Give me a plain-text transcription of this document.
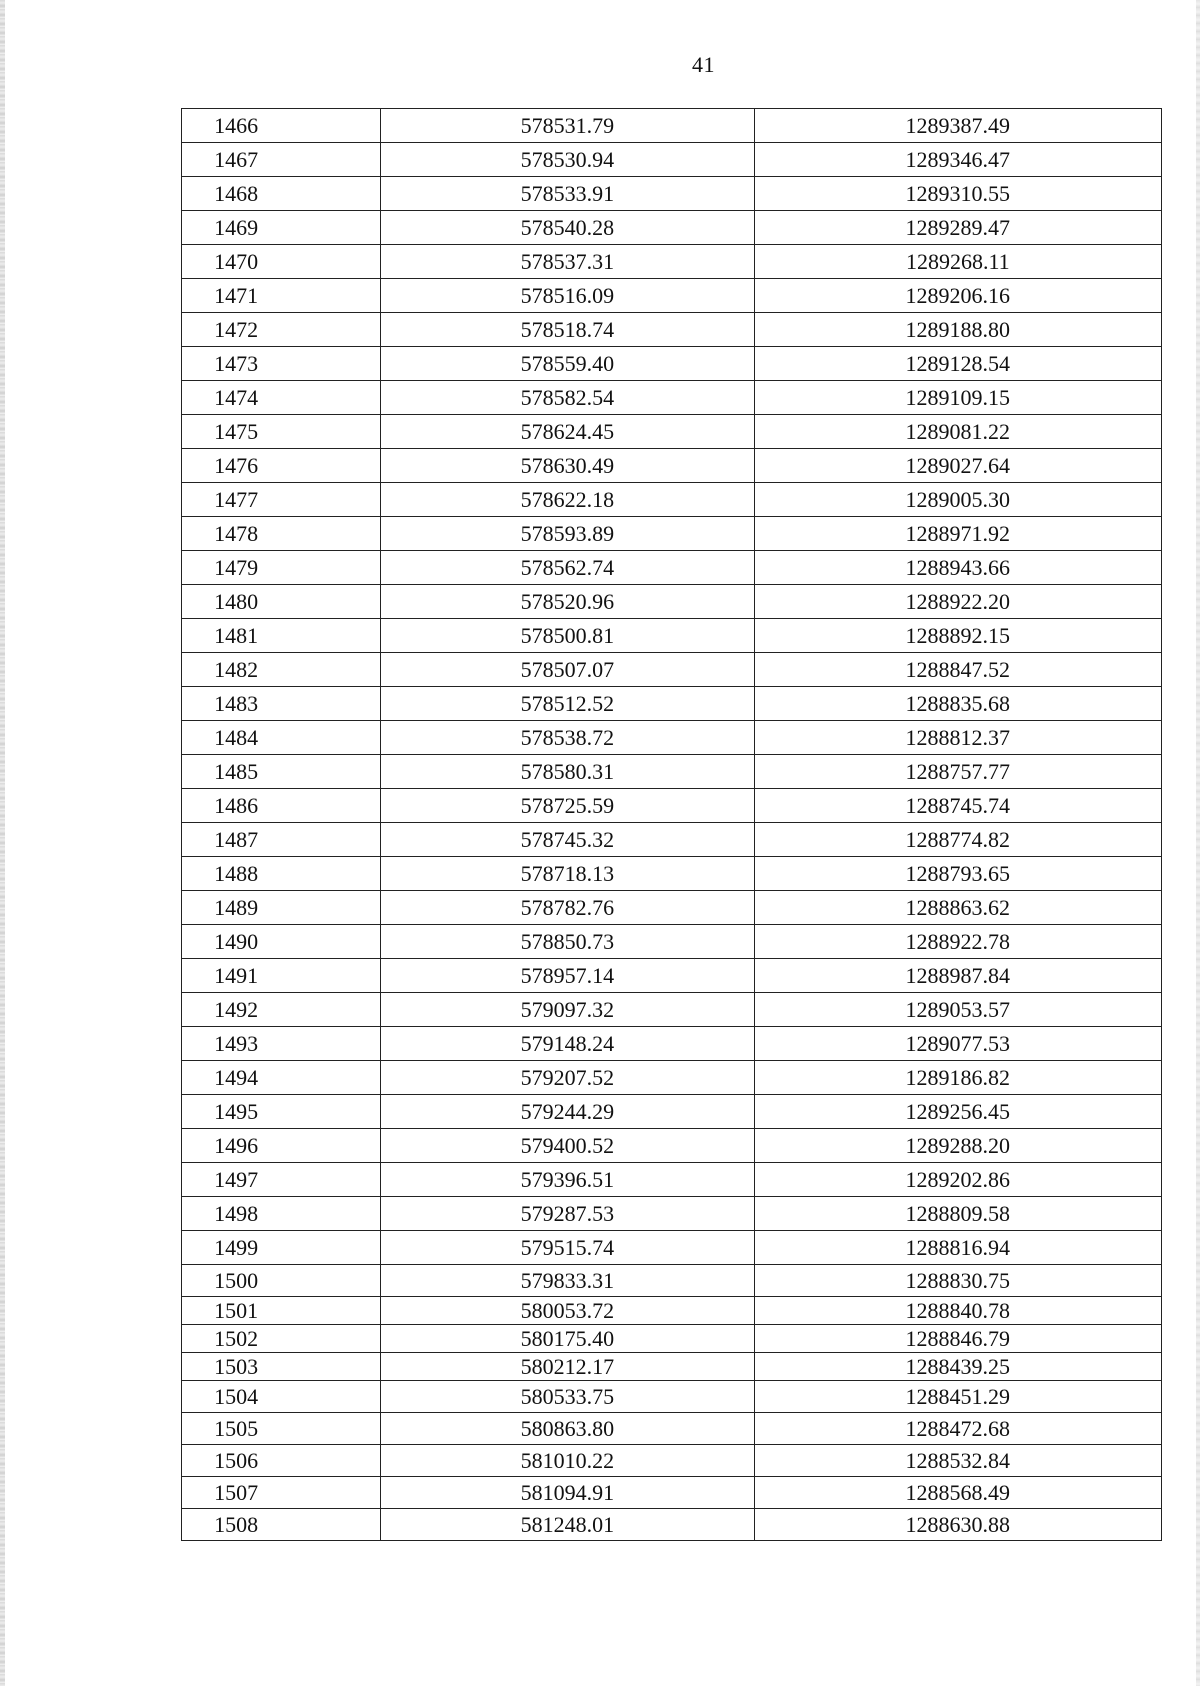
41
1466	578531.79	1289387.49
1467	578530.94	1289346.47
1468	578533.91	1289310.55
1469	578540.28	1289289.47
1470	578537.31	1289268.11
1471	578516.09	1289206.16
1472	578518.74	1289188.80
1473	578559.40	1289128.54
1474	578582.54	1289109.15
1475	578624.45	1289081.22
1476	578630.49	1289027.64
1477	578622.18	1289005.30
1478	578593.89	1288971.92
1479	578562.74	1288943.66
1480	578520.96	1288922.20
1481	578500.81	1288892.15
1482	578507.07	1288847.52
1483	578512.52	1288835.68
1484	578538.72	1288812.37
1485	578580.31	1288757.77
1486	578725.59	1288745.74
1487	578745.32	1288774.82
1488	578718.13	1288793.65
1489	578782.76	1288863.62
1490	578850.73	1288922.78
1491	578957.14	1288987.84
1492	579097.32	1289053.57
1493	579148.24	1289077.53
1494	579207.52	1289186.82
1495	579244.29	1289256.45
1496	579400.52	1289288.20
1497	579396.51	1289202.86
1498	579287.53	1288809.58
1499	579515.74	1288816.94
1500	579833.31	1288830.75
1501	580053.72	1288840.78
1502	580175.40	1288846.79
1503	580212.17	1288439.25
1504	580533.75	1288451.29
1505	580863.80	1288472.68
1506	581010.22	1288532.84
1507	581094.91	1288568.49
1508	581248.01	1288630.88
